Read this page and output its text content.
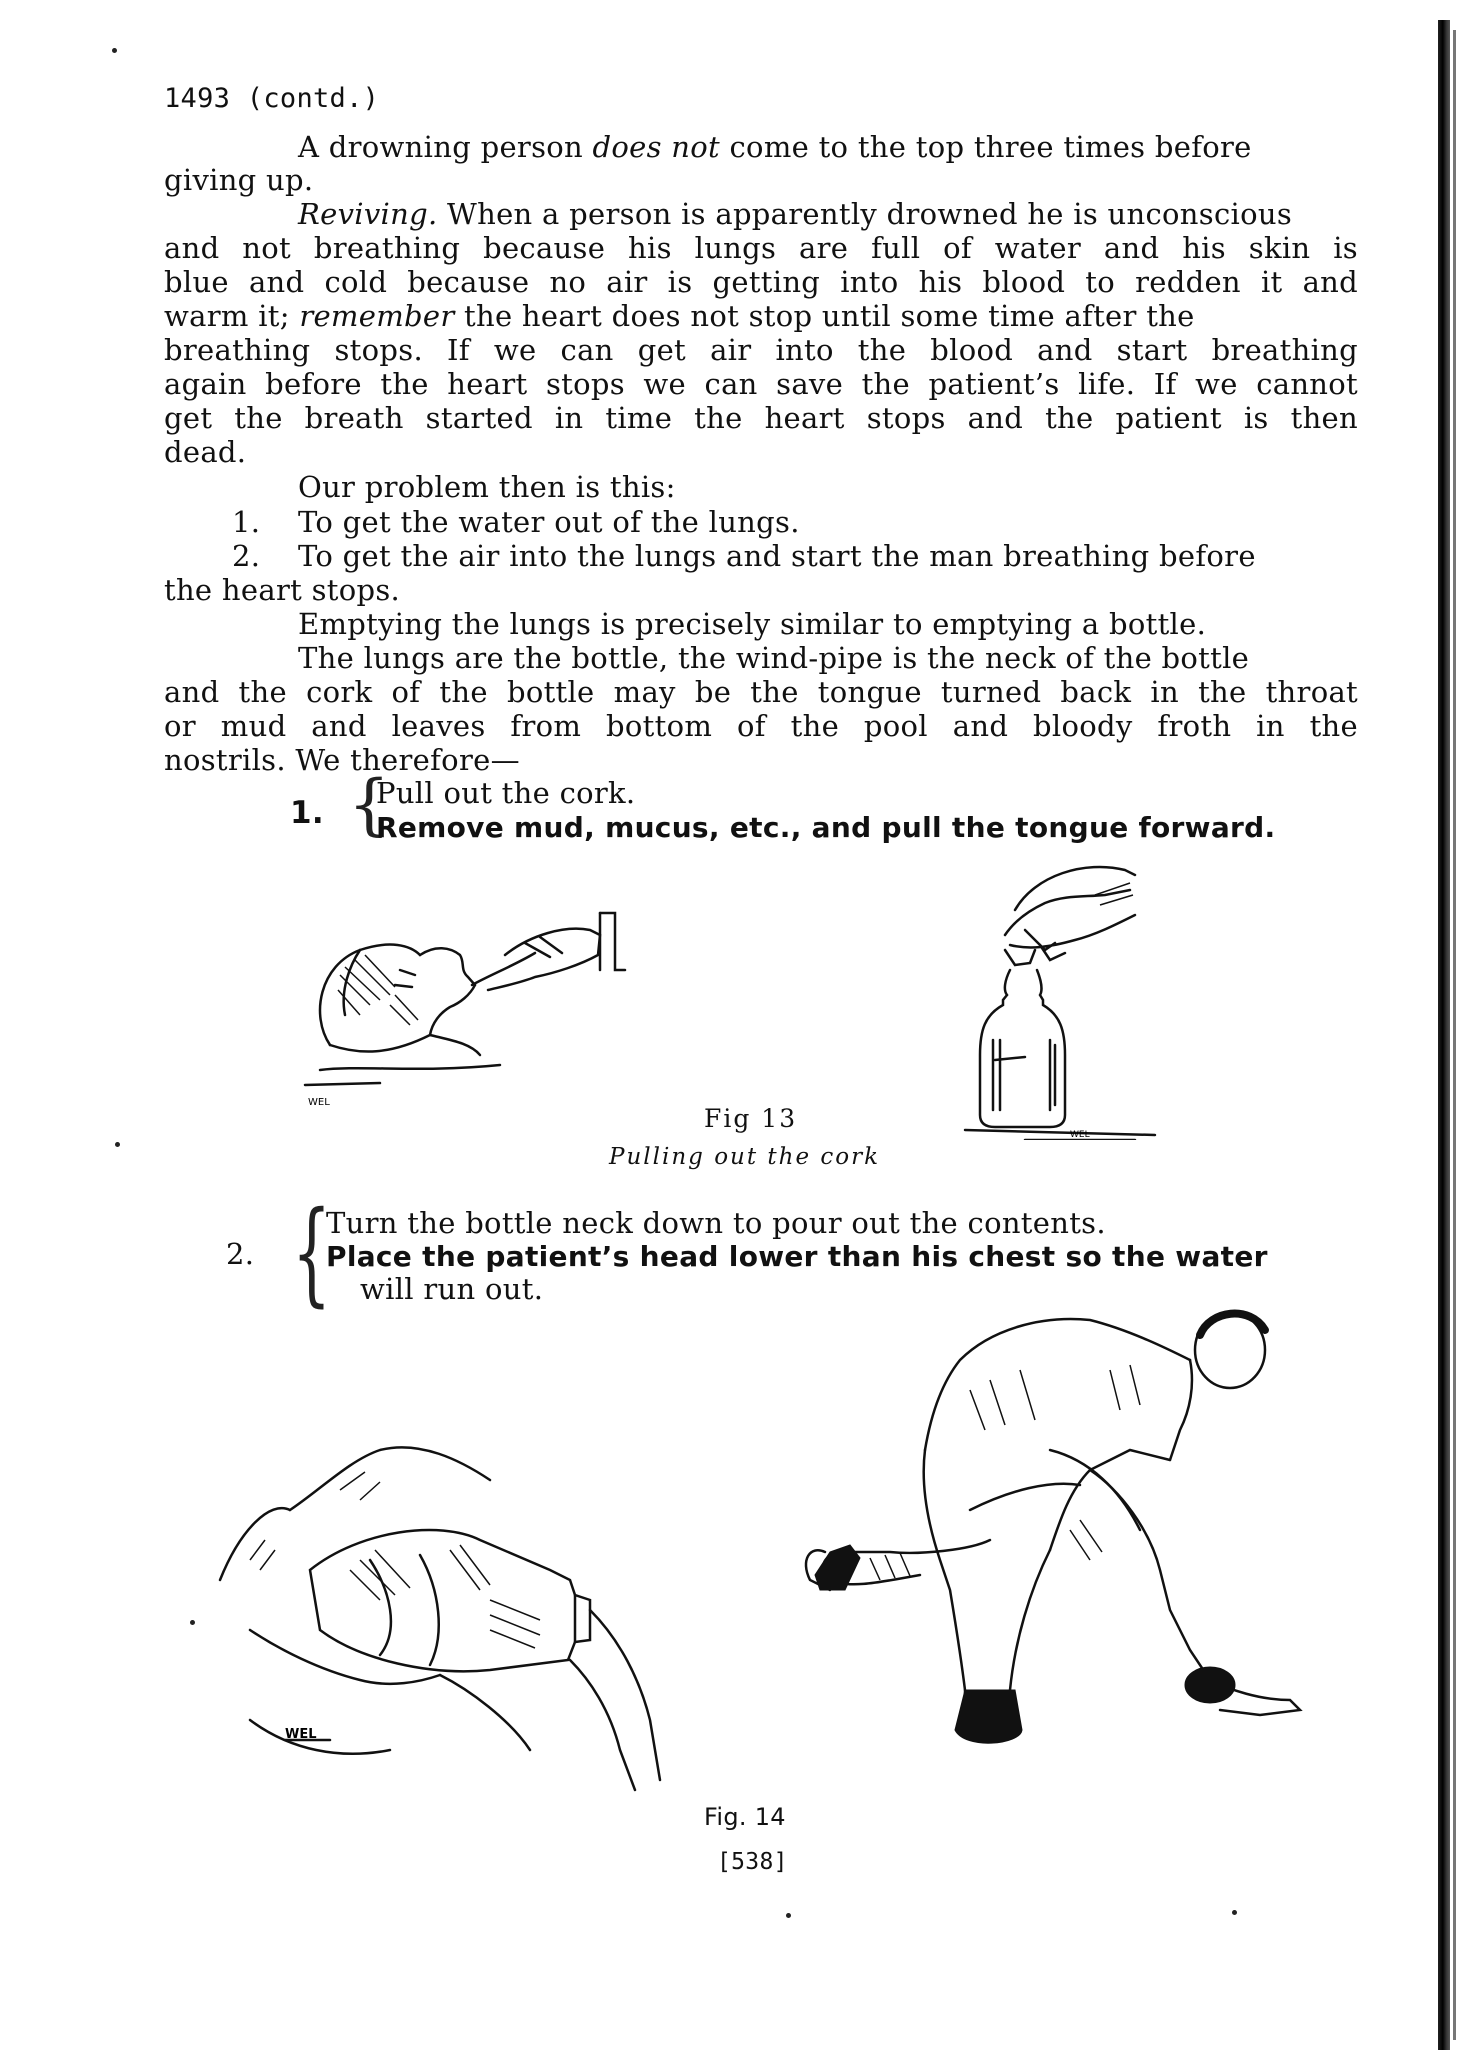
1493 (contd.)
A drowning person does not come to the top three times before
giving up.
Reviving. When a person is apparently drowned he is unconscious
and not breathing because his lungs are full of water and his skin is
blue and cold because no air is getting into his blood to redden it and
warm it; remember the heart does not stop until some time after the
breathing stops. If we can get air into the blood and start breathing
again before the heart stops we can save the patient’s life. If we cannot
get the breath started in time the heart stops and the patient is then
dead.
Our problem then is this:
1. To get the water out of the lungs.
2. To get the air into the lungs and start the man breathing before
the heart stops.
Emptying the lungs is precisely similar to emptying a bottle.
The lungs are the bottle, the wind-pipe is the neck of the bottle
and the cork of the bottle may be the tongue turned back in the throat
or mud and leaves from bottom of the pool and bloody froth in the
nostrils. We therefore—
1. {
Pull out the cork.
Remove mud, mucus, etc., and pull the tongue forward.
WEL
WEL
Fig 13
Pulling out the cork
2. {
Turn the bottle neck down to pour out the contents.
Place the patient’s head lower than his chest so the water
will run out.
WEL
Fig. 14
[538]
